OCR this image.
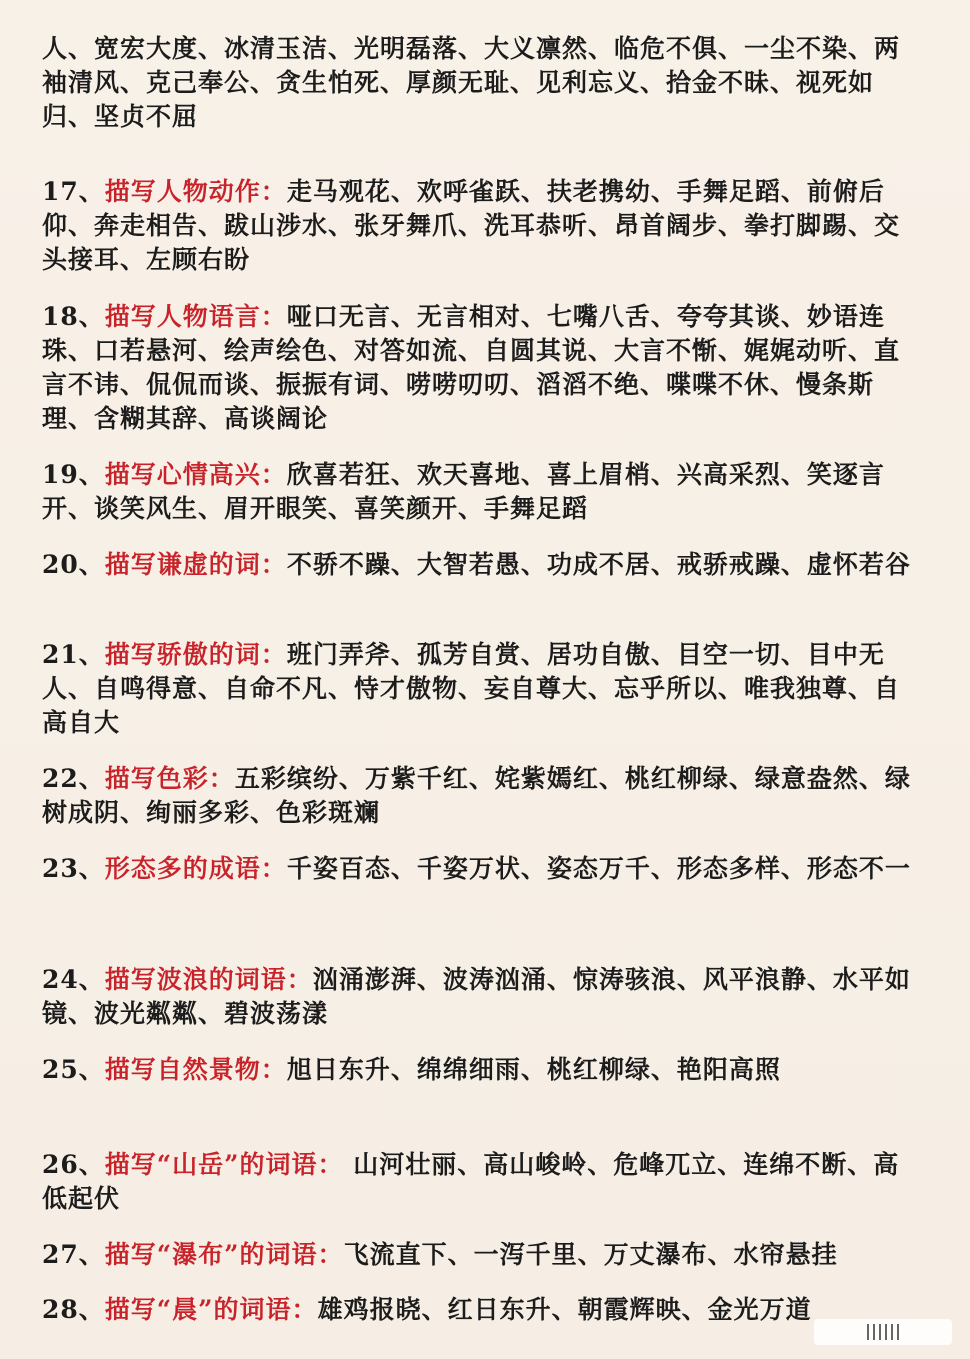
人、宽宏大度、冰清玉洁、光明磊落、大义凛然、临危不俱、一尘不染、两袖清风、克己奉公、贪生怕死、厚颜无耻、见利忘义、拾金不昧、视死如归、坚贞不屈
17、描写人物动作：走马观花、欢呼雀跃、扶老携幼、手舞足蹈、前俯后仰、奔走相告、跋山涉水、张牙舞爪、洗耳恭听、昂首阔步、拳打脚踢、交头接耳、左顾右盼
18、描写人物语言：哑口无言、无言相对、七嘴八舌、夸夸其谈、妙语连珠、口若悬河、绘声绘色、对答如流、自圆其说、大言不惭、娓娓动听、直言不讳、侃侃而谈、振振有词、唠唠叨叨、滔滔不绝、喋喋不休、慢条斯理、含糊其辞、高谈阔论
19、描写心情高兴：欣喜若狂、欢天喜地、喜上眉梢、兴高采烈、笑逐言开、谈笑风生、眉开眼笑、喜笑颜开、手舞足蹈
20、描写谦虚的词：不骄不躁、大智若愚、功成不居、戒骄戒躁、虚怀若谷
21、描写骄傲的词：班门弄斧、孤芳自赏、居功自傲、目空一切、目中无人、自鸣得意、自命不凡、恃才傲物、妄自尊大、忘乎所以、唯我独尊、自高自大
22、描写色彩：五彩缤纷、万紫千红、姹紫嫣红、桃红柳绿、绿意盎然、绿树成阴、绚丽多彩、色彩斑斓
23、形态多的成语：千姿百态、千姿万状、姿态万千、形态多样、形态不一
24、描写波浪的词语：汹涌澎湃、波涛汹涌、惊涛骇浪、风平浪静、水平如镜、波光粼粼、碧波荡漾
25、描写自然景物：旭日东升、绵绵细雨、桃红柳绿、艳阳高照
26、描写“山岳”的词语： 山河壮丽、高山峻岭、危峰兀立、连绵不断、高低起伏
27、描写“瀑布”的词语：飞流直下、一泻千里、万丈瀑布、水帘悬挂
28、描写“晨”的词语：雄鸡报晓、红日东升、朝霞辉映、金光万道
